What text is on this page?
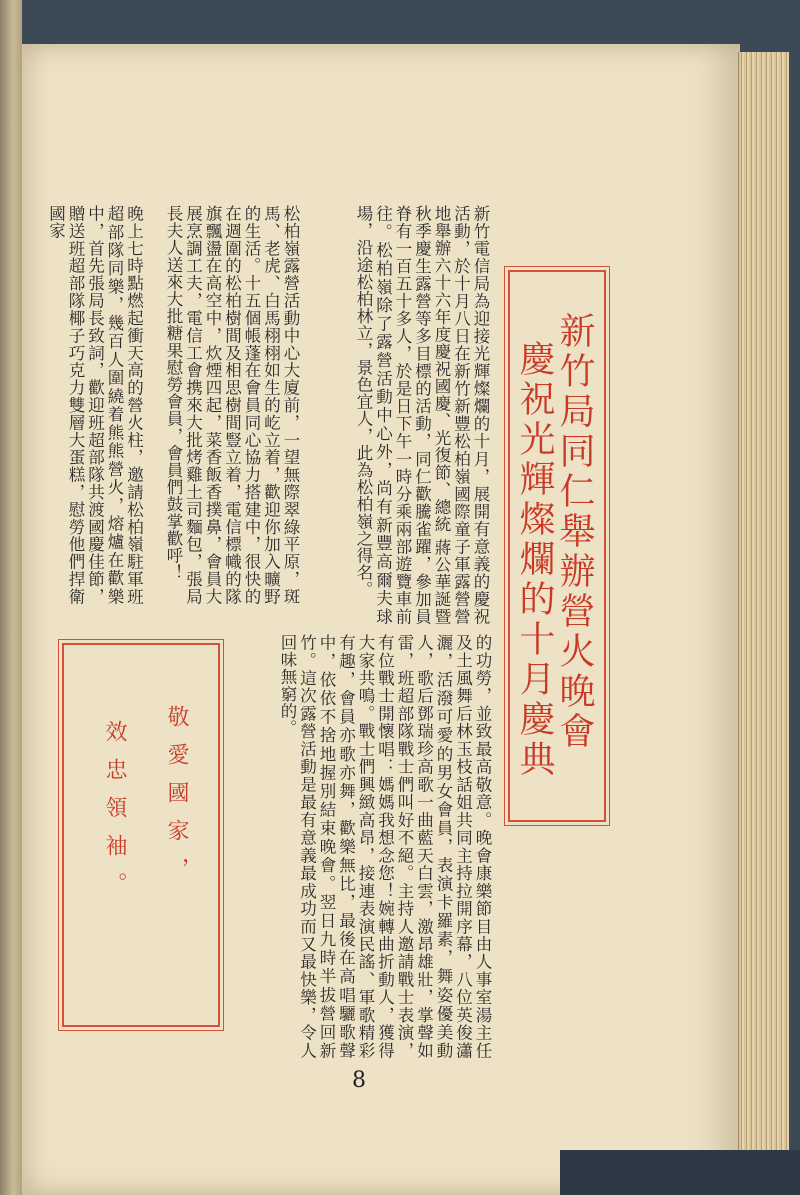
新竹局同仁舉辦營火晚會
慶祝光輝燦爛的十月慶典

新竹電信局為迎接光輝燦爛的十月，展開有意義的慶祝活動，於十月八日在新竹新豐松柏嶺國際童子軍露營營地舉辦六十六年度慶祝國慶、光復節、總統 蔣公華誕暨秋季慶生露營等多目標的活動，同仁歡騰雀躍，參加員脊有一百五十多人，於是日下午一時分乘兩部遊覽車前往。松柏嶺除了露營活動中心外，尚有新豐高爾夫球場，沿途松柏林立，景色宜人，此為松柏嶺之得名。

松柏嶺露營活動中心大廈前，一望無際翠綠平原，斑馬、老虎、白馬栩栩如生的屹立着，歡迎你加入曠野的生活。十五個帳蓬在會員同心協力搭建中，很快的在週圍的松柏樹間及相思樹間豎立着，電信標幟的隊旗飄盪在高空中，炊煙四起，菜香飯香撲鼻，會員大展烹調工夫，電信工會携來大批烤雞土司麵包，張局長夫人送來大批糖果慰勞會員，會員們鼓掌歡呼！

晚上七時點燃起衝天高的營火柱，邀請松柏嶺駐軍班超部隊同樂，幾百人圍繞着熊熊營火，熔爐在歡樂中，首先張局長致詞，歡迎班超部隊共渡國慶佳節，贈送班超部隊椰子巧克力雙層大蛋糕，慰勞他們捍衛國家

的功勞，並致最高敬意。晚會康樂節目由人事室湯主任及土風舞后林玉枝話姐共同主持拉開序幕，八位英俊瀟灑，活潑可愛的男女會員，表演卡羅素，舞姿優美動人，歌后鄧瑞珍高歌一曲藍天白雲，激昂雄壯，掌聲如雷，班超部隊戰士們叫好不絕。主持人邀請戰士表演，有位戰士開懷唱：媽媽我想念您！婉轉曲折動人，獲得大家共鳴。戰士們興緻高昂，接連表演民謠、軍歌精彩有趣，會員亦歌亦舞，歡樂無比，最後在高唱驪歌聲中，依依不捨地握別結束晚會。翌日九時半拔營回新竹。這次露營活動是最有意義最成功而又最快樂，令人回味無窮的。

敬愛國家，
效忠領袖。
8
